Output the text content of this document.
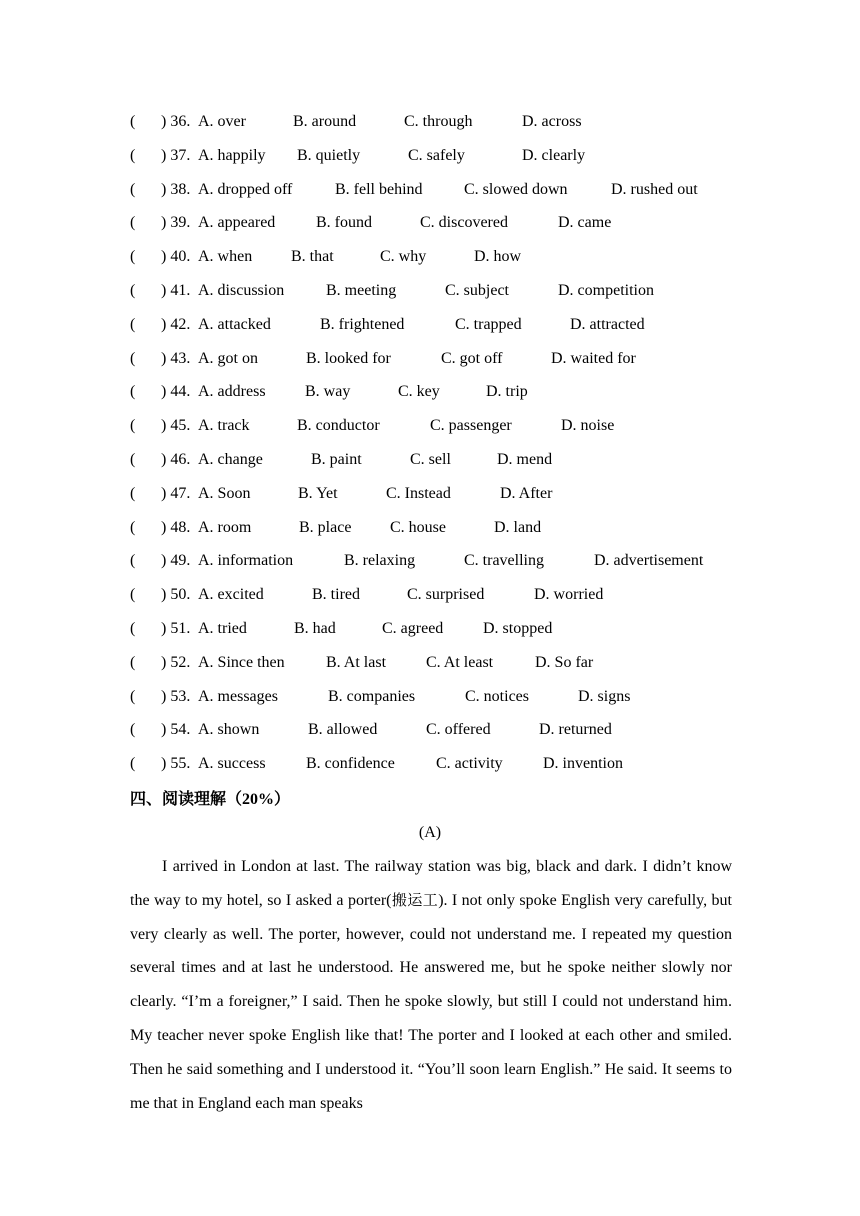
( ) 36. A. over	B. around	C. through	D. across
( ) 37. A. happily B. quietly	C. safely	D. clearly
( ) 38. A. dropped off	B. fell behind	C. slowed down	D. rushed out
( ) 39. A. appeared	B. found	C. discovered	D. came
( ) 40. A. when B. that	C. why	D. how
( ) 41. A. discussion	B. meeting	C. subject	D. competition
( ) 42. A. attacked	B. frightened	C. trapped	D. attracted
( ) 43. A. got on	B. looked for	C. got off	D. waited for
( ) 44. A. address B. way	C. key	D. trip
( ) 45. A. track	B. conductor	C. passenger	D. noise
( ) 46. A. change	B. paint	C. sell	D. mend
( ) 47. A. Soon	B. Yet	C. Instead	D. After
( ) 48. A. room	B. place C. house	D. land
( ) 49. A. information	B. relaxing	C. travelling	D. advertisement
( ) 50. A. excited	B. tired	C. surprised	D. worried
( ) 51. A. tried	B. had	C. agreed D. stopped
( ) 52. A. Since then	B. At last C. At least	D. So far
( ) 53. A. messages	B. companies	C. notices	D. signs
( ) 54. A. shown	B. allowed	C. offered	D. returned
( ) 55. A. success	B. confidence	C. activity	D. invention
四、阅读理解（20%）
(A)

I arrived in London at last. The railway station was big, black and dark. I didn’t know the way to my hotel, so I asked a porter(搬运工). I not only spoke English very carefully, but very clearly as well. The porter, however, could not understand me. I repeated my question several times and at last he understood. He answered me, but he spoke neither slowly nor clearly. “I’m a foreigner,” I said. Then he spoke slowly, but still I could not understand him. My teacher never spoke English like that! The porter and I looked at each other and smiled. Then he said something and I understood it. “You’ll soon learn English.” He said. It seems to me that in England each man speaks
